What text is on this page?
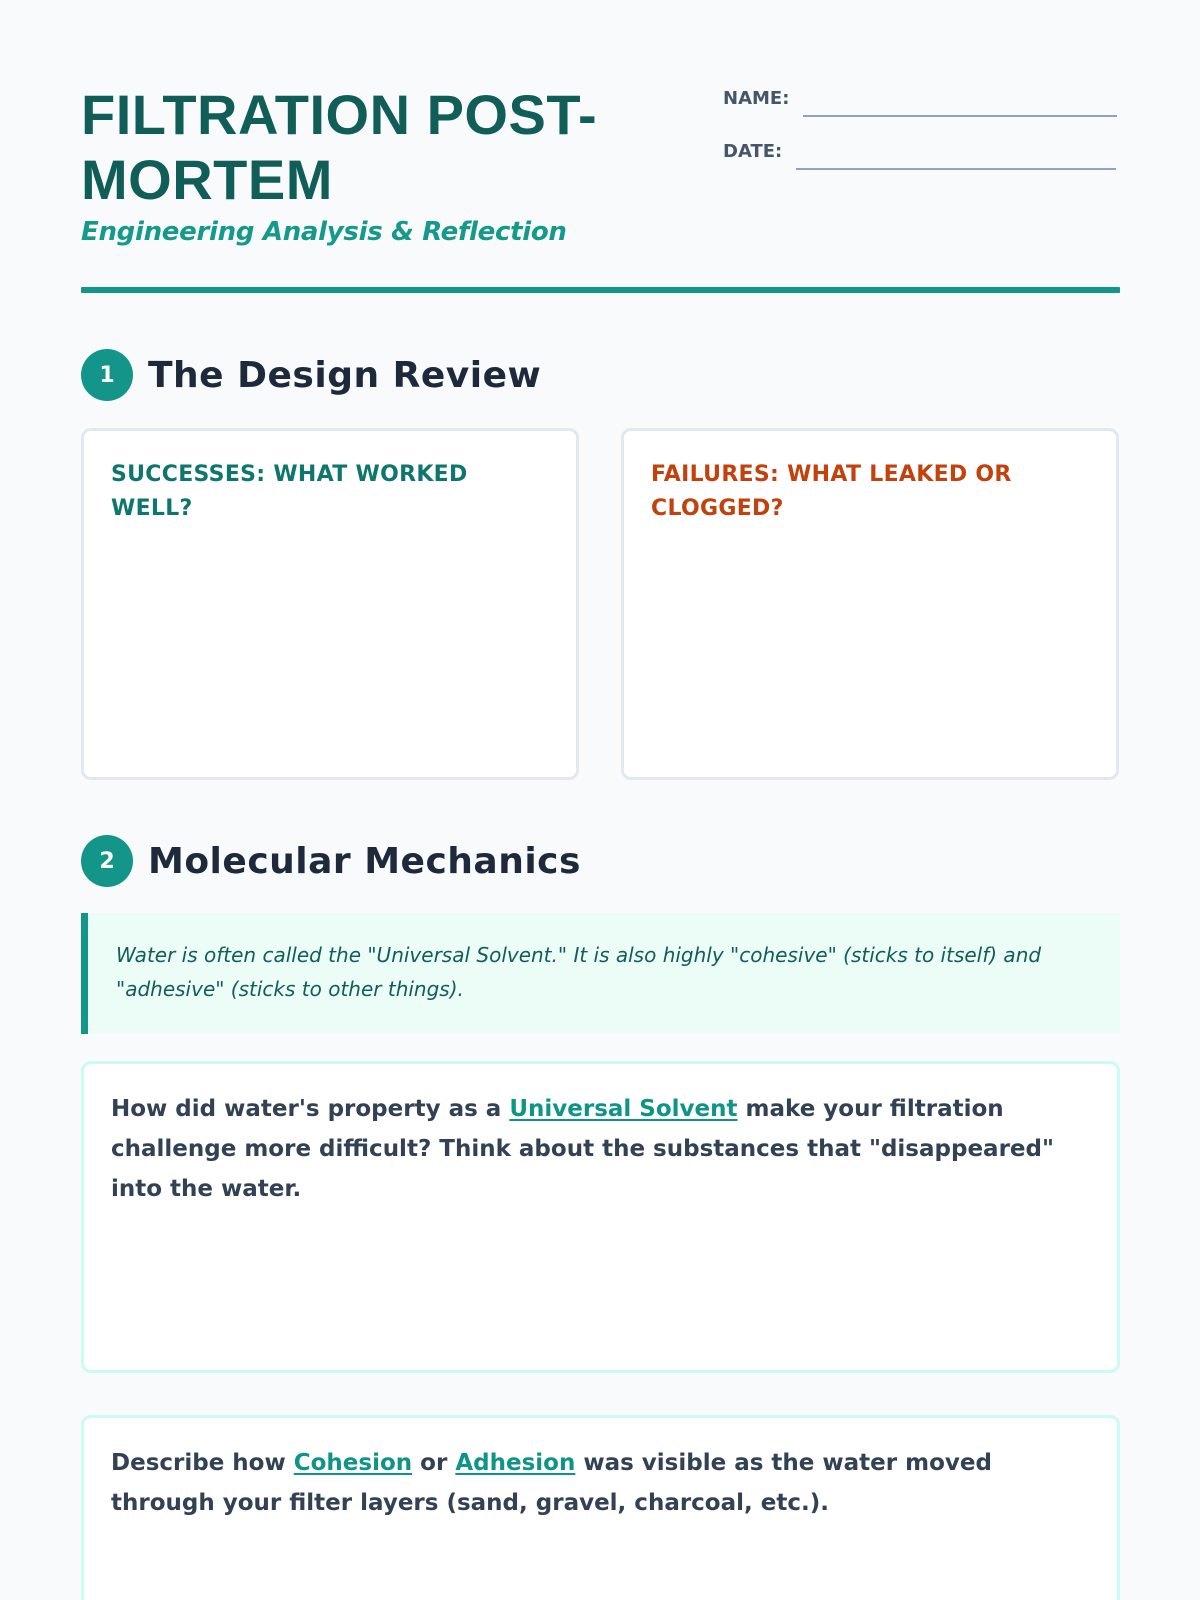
FILTRATION POST-MORTEM
Engineering Analysis & Reflection
NAME:
DATE:
1 The Design Review
SUCCESSES: WHAT WORKED WELL?
FAILURES: WHAT LEAKED OR CLOGGED?
2 Molecular Mechanics
Water is often called the "Universal Solvent." It is also highly "cohesive" (sticks to itself) and "adhesive" (sticks to other things).

How did water's property as a Universal Solvent make your filtration challenge more difficult? Think about the substances that "disappeared" into the water.

Describe how Cohesion or Adhesion was visible as the water moved through your filter layers (sand, gravel, charcoal, etc.).
